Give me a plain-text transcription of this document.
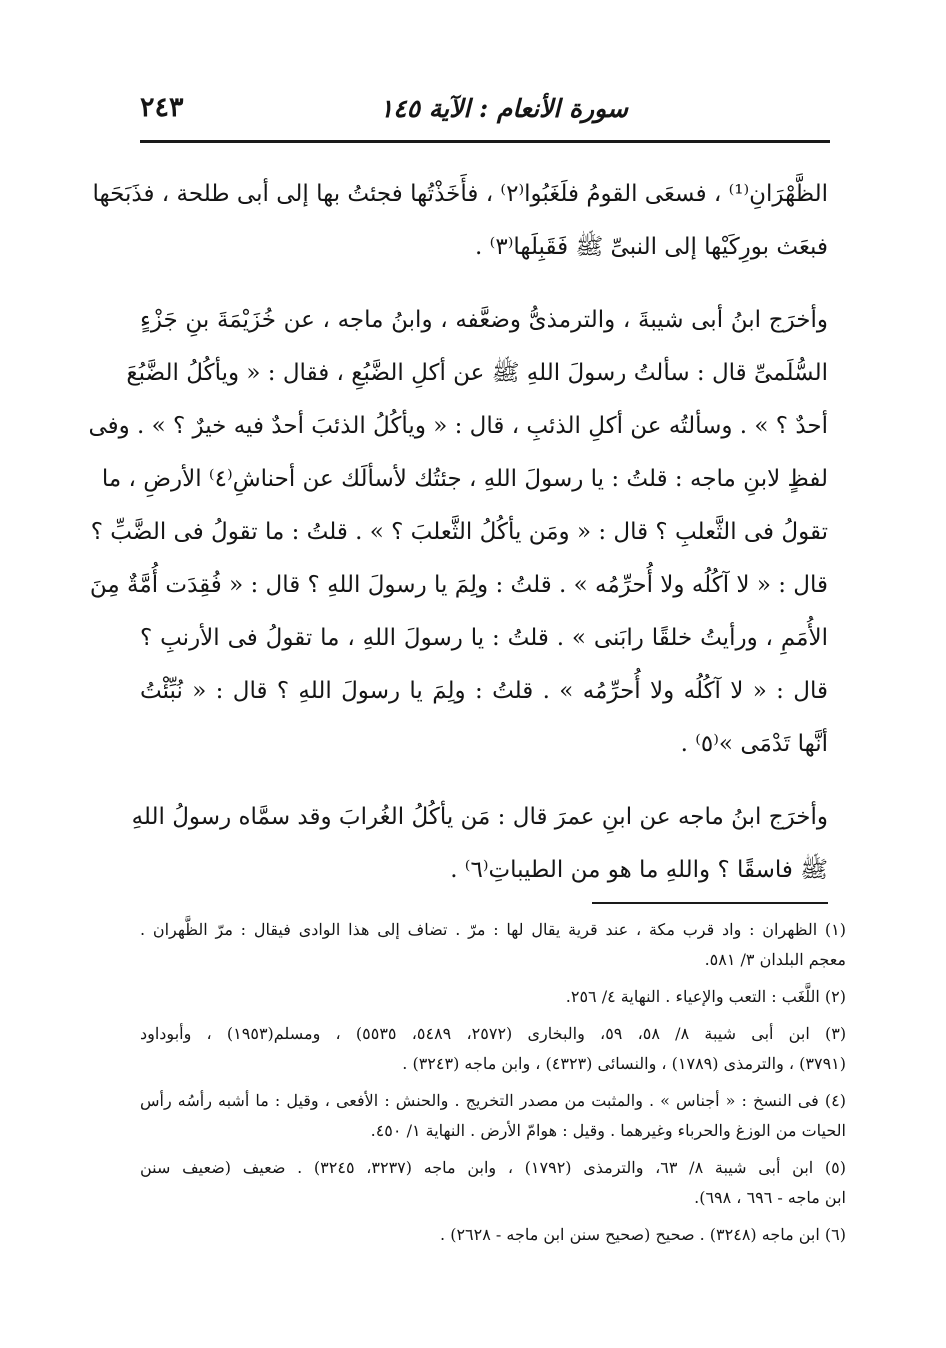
٢٤٣	سورة الأنعام : الآية ١٤٥
الظَّهْرَانِ⁽¹⁾ ، فسعَى القومُ فلَغَبُوا⁽٢⁾ ، فأَخَذْتُها فجئتُ بها إلى أبى طلحة ، فذَبَحَها
فبعَث بورِكَيْها إلى النبىِّ ﷺ فَقَبِلَها⁽٣⁾ .
وأخرَج ابنُ أبى شيبةَ ، والترمذىُّ وضعَّفه ، وابنُ ماجه ، عن خُزَيْمَةَ بنِ جَزْءٍ
السُّلَمىِّ قال : سألتُ رسولَ اللهِ ﷺ عن أكلِ الضَّبُعِ ، فقال : « ويأكُلُ الضَّبُعَ
أحدٌ ؟ » . وسألتُه عن أكلِ الذئبِ ، قال : « ويأكُلُ الذئبَ أحدٌ فيه خيرٌ ؟ » . وفى
لفظٍ لابنِ ماجه : قلتُ : يا رسولَ اللهِ ، جئتُك لأسألَك عن أحناشِ⁽٤⁾ الأرضِ ، ما
تقولُ فى الثَّعلبِ ؟ قال : « ومَن يأكُلُ الثَّعلبَ ؟ » . قلتُ : ما تقولُ فى الضَّبِّ ؟
قال : « لا آكُلُه ولا أُحرِّمُه » . قلتُ : ولِمَ يا رسولَ اللهِ ؟ قال : « فُقِدَت أُمَّةٌ مِنَ
الأُمَمِ ، ورأيتُ خلقًا رابَنى » . قلتُ : يا رسولَ اللهِ ، ما تقولُ فى الأرنبِ ؟
قال : « لا آكُلُه ولا أُحرِّمُه » . قلتُ : ولِمَ يا رسولَ اللهِ ؟ قال : « نُبِّئْتُ
أنَّها تَدْمَى »⁽٥⁾ .
وأخرَج ابنُ ماجه عن ابنِ عمرَ قال : مَن يأكُلُ الغُرابَ وقد سمَّاه رسولُ اللهِ
ﷺ فاسقًا ؟ واللهِ ما هو من الطيباتِ⁽٦⁾ .
(١) الظهران : واد قرب مكة ، عند قرية يقال لها : مرّ . تضاف إلى هذا الوادى فيقال : مرّ الظَّهران .
معجم البلدان ٣/ ٥٨١.
(٢) اللَّغَب : التعب والإعياء . النهاية ٤/ ٢٥٦.
(٣) ابن أبى شيبة ٨/ ٥٨، ٥٩، والبخارى (٢٥٧٢، ٥٤٨٩، ٥٥٣٥) ، ومسلم(١٩٥٣) ، وأبوداود
(٣٧٩١) ، والترمذى (١٧٨٩) ، والنسائى (٤٣٢٣) ، وابن ماجه (٣٢٤٣) .
(٤) فى النسخ : « أجناس » . والمثبت من مصدر التخريج . والحنش : الأفعى ، وقيل : ما أشبه رأسُه رأس
الحيات من الوزغ والحرباء وغيرهما . وقيل : هوامّ الأرض . النهاية ١/ ٤٥٠.
(٥) ابن أبى شيبة ٨/ ٦٣، والترمذى (١٧٩٢) ، وابن ماجه (٣٢٣٧، ٣٢٤٥) . ضعيف (ضعيف سنن
ابن ماجه - ٦٩٦ ، ٦٩٨).
(٦) ابن ماجه (٣٢٤٨) . صحيح (صحيح سنن ابن ماجه - ٢٦٢٨) .
